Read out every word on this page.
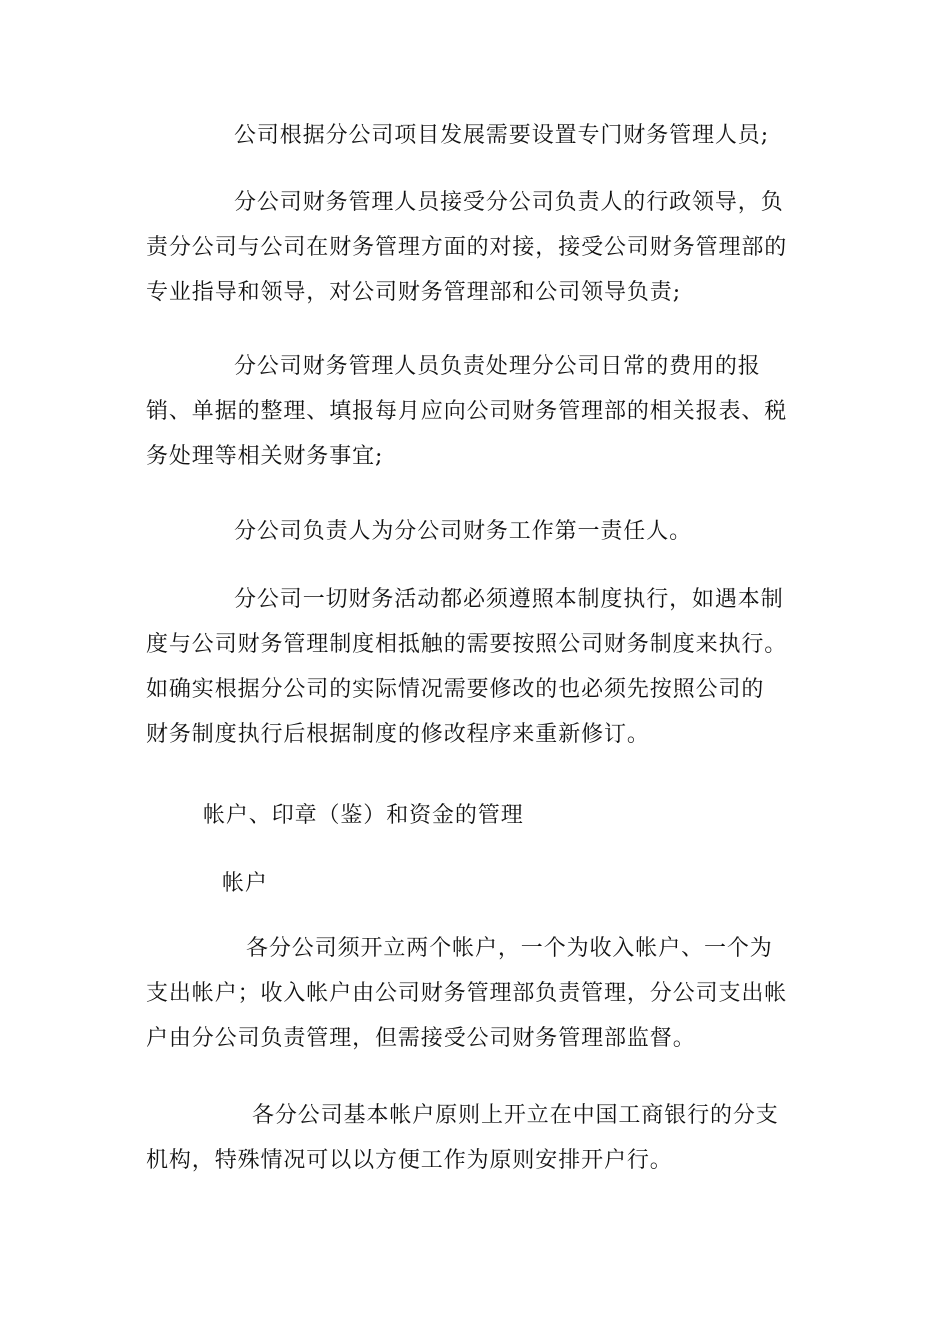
公司根据分公司项目发展需要设置专门财务管理人员;

分公司财务管理人员接受分公司负责人的行政领导，负
责分公司与公司在财务管理方面的对接，接受公司财务管理部的
专业指导和领导，对公司财务管理部和公司领导负责;

分公司财务管理人员负责处理分公司日常的费用的报
销、单据的整理、填报每月应向公司财务管理部的相关报表、税
务处理等相关财务事宜;

分公司负责人为分公司财务工作第一责任人。

分公司一切财务活动都必须遵照本制度执行，如遇本制
度与公司财务管理制度相抵触的需要按照公司财务制度来执行。
如确实根据分公司的实际情况需要修改的也必须先按照公司的
财务制度执行后根据制度的修改程序来重新修订。

帐户、印章（鉴）和资金的管理

帐户

各分公司须开立两个帐户，一个为收入帐户、一个为
支出帐户；收入帐户由公司财务管理部负责管理，分公司支出帐
户由分公司负责管理，但需接受公司财务管理部监督。

各分公司基本帐户原则上开立在中国工商银行的分支
机构，特殊情况可以以方便工作为原则安排开户行。
